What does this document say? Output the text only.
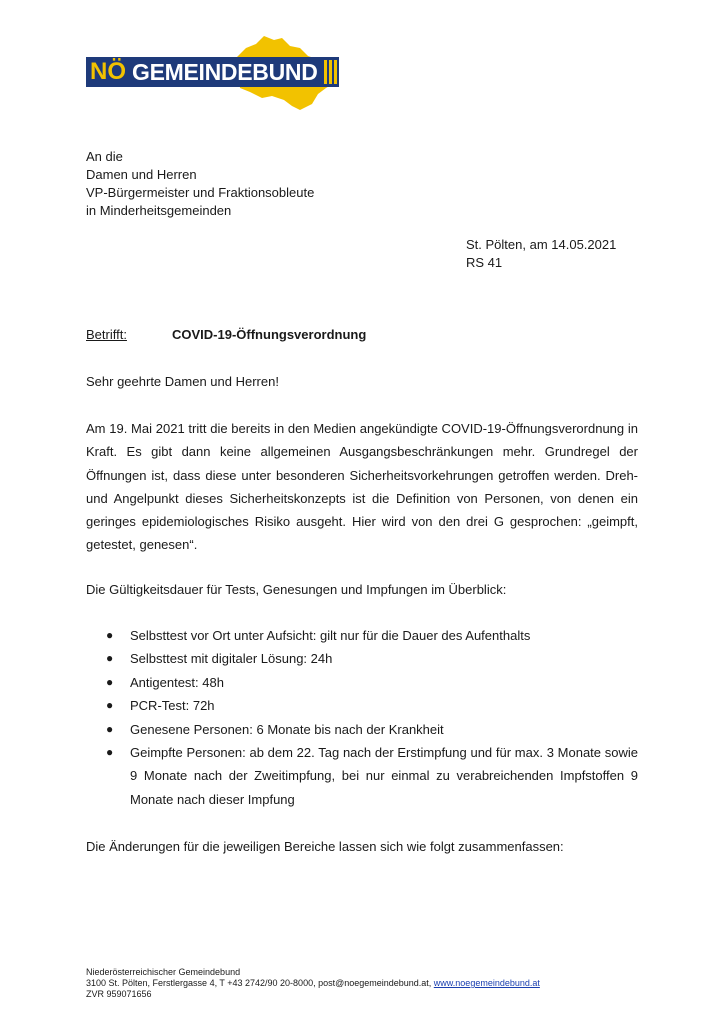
NÖ GEMEINDEBUND
An die
Damen und Herren
VP-Bürgermeister und Fraktionsobleute
in Minderheitsgemeinden
St. Pölten, am 14.05.2021
RS 41
Betrifft:	COVID-19-Öffnungsverordnung
Sehr geehrte Damen und Herren!
Am 19. Mai 2021 tritt die bereits in den Medien angekündigte COVID-19-Öffnungsverordnung in Kraft. Es gibt dann keine allgemeinen Ausgangsbeschränkungen mehr. Grundregel der Öffnungen ist, dass diese unter besonderen Sicherheitsvorkehrungen getroffen werden. Dreh- und Angelpunkt dieses Sicherheitskonzepts ist die Definition von Personen, von denen ein geringes epidemiologisches Risiko ausgeht. Hier wird von den drei G gesprochen: „geimpft, getestet, genesen“.
Die Gültigkeitsdauer für Tests, Genesungen und Impfungen im Überblick:
● Selbsttest vor Ort unter Aufsicht: gilt nur für die Dauer des Aufenthalts
● Selbsttest mit digitaler Lösung: 24h
● Antigentest: 48h
● PCR-Test: 72h
● Genesene Personen: 6 Monate bis nach der Krankheit
● Geimpfte Personen: ab dem 22. Tag nach der Erstimpfung und für max. 3 Monate sowie 9 Monate nach der Zweitimpfung, bei nur einmal zu verabreichenden Impfstoffen 9 Monate nach dieser Impfung
Die Änderungen für die jeweiligen Bereiche lassen sich wie folgt zusammenfassen:
Niederösterreichischer Gemeindebund
3100 St. Pölten, Ferstlergasse 4, T +43 2742/90 20-8000, post@noegemeindebund.at, www.noegemeindebund.at
ZVR 959071656
